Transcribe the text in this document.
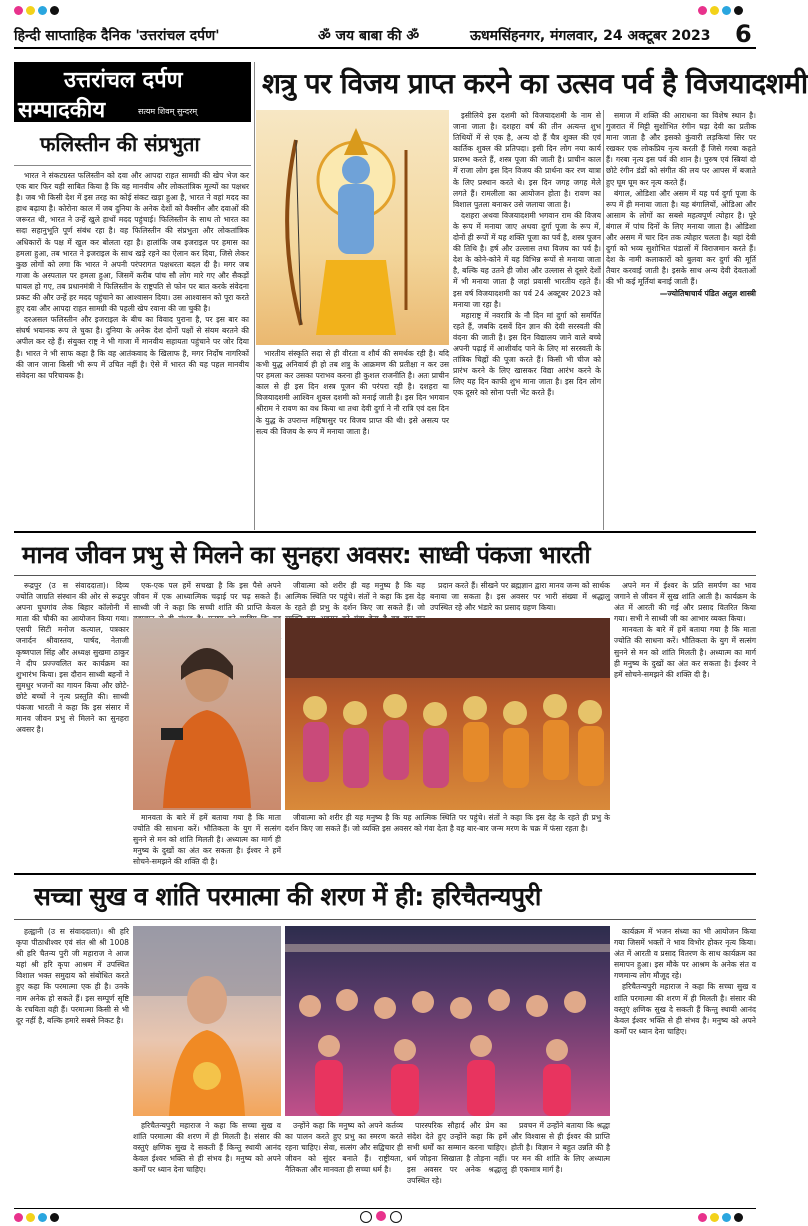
हिन्दी साप्ताहिक दैनिक 'उत्तरांचल दर्पण'	ॐ जय बाबा की ॐ	ऊधमसिंहनगर, मंगलवार, 24 अक्टूबर 2023 6
उत्तरांचल दर्पण
सम्पादकीय	सत्यम शिवम् सुन्दरम्
फलिस्तीन की संप्रभुता

भारत ने संकटग्रस्त फलिस्तीन को दवा और आपदा राहत सामग्री की खेप भेज कर एक बार फिर यही साबित किया है कि वह मानवीय और लोकतांत्रिक मूल्यों का पक्षधर है। जब भी किसी देश में इस तरह का कोई संकट खड़ा हुआ है, भारत ने वहां मदद का हाथ बढ़ाया है। कोरोना काल में जब दुनिया के अनेक देशों को वैक्सीन और दवाओं की जरूरत थी, भारत ने उन्हें खुले हाथों मदद पहुंचाई। फिलिस्तीन के साथ तो भारत का सदा सहानुभूति पूर्ण संबंध रहा है। वह फिलिस्तीन की संप्रभुता और लोकतांत्रिक अधिकारों के पक्ष में खुल कर बोलता रहा है। हालांकि जब इजराइल पर हमास का हमला हुआ, तब भारत ने इजराइल के साथ खड़े रहने का ऐलान कर दिया, जिसे लेकर कुछ लोगों को लगा कि भारत ने अपनी परंपरागत पक्षधरता बदल दी है। मगर जब गाजा के अस्पताल पर हमला हुआ, जिसमें करीब पांच सौ लोग मारे गए और सैकड़ों घायल हो गए, तब प्रधानमंत्री ने फिलिस्तीन के राष्ट्रपति से फोन पर बात करके संवेदना प्रकट की और उन्हें हर मदद पहुंचाने का आश्वासन दिया। उस आश्वासन को पूरा करते हुए दवा और आपदा राहत सामग्री की पहली खेप रवाना की जा चुकी है।

दरअसल फलिस्तीन और इजराइल के बीच का विवाद पुराना है, पर इस बार का संघर्ष भयानक रूप ले चुका है। दुनिया के अनेक देश दोनों पक्षों से संयम बरतने की अपील कर रहे हैं। संयुक्त राष्ट्र ने भी गाजा में मानवीय सहायता पहुंचाने पर जोर दिया है। भारत ने भी साफ कहा है कि वह आतंकवाद के खिलाफ है, मगर निर्दोष नागरिकों की जान जाना किसी भी रूप में उचित नहीं है। ऐसे में भारत की यह पहल मानवीय संवेदना का परिचायक है।

शत्रु पर विजय प्राप्त करने का उत्सव पर्व है विजयादशमी

भारतीय संस्कृति सदा से ही वीरता व शौर्य की समर्थक रही है। यदि कभी युद्ध अनिवार्य ही हो तब शत्रु के आक्रमण की प्रतीक्षा न कर उस पर हमला कर उसका पराभव करना ही कुशल राजनीति है। अतः प्राचीन काल से ही इस दिन शस्त्र पूजन की परंपरा रही है। दशहरा या विजयादशमी आश्विन शुक्ल दशमी को मनाई जाती है। इस दिन भगवान श्रीराम ने रावण का वध किया था तथा देवी दुर्गा ने नौ रात्रि एवं दस दिन के युद्ध के उपरान्त महिषासुर पर विजय प्राप्त की थी। इसे असत्य पर सत्य की विजय के रूप में मनाया जाता है।

इसीलिये इस दशमी को विजयादशमी के नाम से जाना जाता है। दशहरा वर्ष की तीन अत्यन्त शुभ तिथियों में से एक है, अन्य दो हैं चैत्र शुक्ल की एवं कार्तिक शुक्ल की प्रतिपदा। इसी दिन लोग नया कार्य प्रारम्भ करते हैं, शस्त्र पूजा की जाती है। प्राचीन काल में राजा लोग इस दिन विजय की प्रार्थना कर रण यात्रा के लिए प्रस्थान करते थे। इस दिन जगह जगह मेले लगते हैं। रामलीला का आयोजन होता है। रावण का विशाल पुतला बनाकर उसे जलाया जाता है।

दशहरा अथवा विजयादशमी भगवान राम की विजय के रूप में मनाया जाए अथवा दुर्गा पूजा के रूप में, दोनों ही रूपों में यह शक्ति पूजा का पर्व है, शस्त्र पूजन की तिथि है। हर्ष और उल्लास तथा विजय का पर्व है। देश के कोने-कोने में यह विभिन्न रूपों से मनाया जाता है, बल्कि यह उतने ही जोश और उल्लास से दूसरे देशों में भी मनाया जाता है जहां प्रवासी भारतीय रहते हैं। इस वर्ष विजयादशमी का पर्व 24 अक्टूबर 2023 को मनाया जा रहा है।

महाराष्ट्र में नवरात्रि के नौ दिन मां दुर्गा को समर्पित रहते हैं, जबकि दसवें दिन ज्ञान की देवी सरस्वती की वंदना की जाती है। इस दिन विद्यालय जाने वाले बच्चे अपनी पढ़ाई में आशीर्वाद पाने के लिए मां सरस्वती के तांत्रिक चिह्नों की पूजा करते हैं। किसी भी चीज को प्रारंभ करने के लिए खासकर विद्या आरंभ करने के लिए यह दिन काफी शुभ माना जाता है। इस दिन लोग एक दूसरे को सोना पत्ती भेंट करते हैं।

समाज में शक्ति की आराधना का विशेष स्थान है। गुजरात में मिट्टी सुशोभित रंगीन घड़ा देवी का प्रतीक माना जाता है और इसको कुंवारी लड़कियां सिर पर रखकर एक लोकप्रिय नृत्य करती हैं जिसे गरबा कहते हैं। गरबा नृत्य इस पर्व की शान है। पुरुष एवं स्त्रियां दो छोटे रंगीन डंडों को संगीत की लय पर आपस में बजाते हुए घूम घूम कर नृत्य करते हैं।

बंगाल, ओडिशा और असम में यह पर्व दुर्गा पूजा के रूप में ही मनाया जाता है। यह बंगालियों, ओडिआ और आसाम के लोगों का सबसे महत्वपूर्ण त्योहार है। पूरे बंगाल में पांच दिनों के लिए मनाया जाता है। ओडिशा और असम में चार दिन तक त्योहार चलता है। यहां देवी दुर्गा को भव्य सुशोभित पंडालों में विराजमान करते हैं। देश के नामी कलाकारों को बुलवा कर दुर्गा की मूर्ति तैयार करवाई जाती है। इसके साथ अन्य देवी देवताओं की भी कई मूर्तियां बनाई जाती हैं।

—ज्योतिषाचार्य पंडित अतुल शास्त्री

मानव जीवन प्रभु से मिलने का सुनहरा अवसर: साध्वी पंकजा भारती

रूद्रपुर (उ स संवाददाता)। दिव्य ज्योति जाग्रति संस्थान की ओर से रूद्रपुर अपना घुघगांव लेक बिहार कॉलोनी में माता की चौकी का आयोजन किया गया। एसपी सिटी मनोज कत्याल, पत्रकार जनार्दन श्रीवास्तव, पार्षद, नेताजी कृष्णपाल सिंह और अध्यक्ष सुखमा ठाकुर ने दीप प्रज्ज्वलित कर कार्यक्रम का शुभारंभ किया। इस दौरान साध्वी बहनों ने सुमधुर भजनों का गायन किया और छोटे-छोटे बच्चों ने नृत्य प्रस्तुति की। साध्वी पंकजा भारती ने कहा कि इस संसार में मानव जीवन प्रभु से मिलने का सुनहरा अवसर है।

एक-एक पल हमें सचखा है कि इस पैसे अपने जीवन में एक आध्यात्मिक चढ़ाई पर चढ़ सकते हैं। साध्वी जी ने कहा कि सच्ची शांति की प्राप्ति केवल

मानवता के बारे में हमें बताया गया है कि माता ज्योति की साधना करें। भौतिकता के युग में सत्संग सुनने से मन को शांति मिलती है। अध्यात्म का मार्ग ही मनुष्य के दुखों का अंत कर सकता है। ईश्वर ने हमें सोचने-समझने की शक्ति दी है।

जीवात्मा को शरीर ही यह मनुष्य है कि यह आत्मिक स्थिति पर पहुंचे। संतों ने कहा कि इस देह के रहते ही प्रभु के दर्शन किए जा सकते हैं। जो

प्रदान करते हैं। सीखने पर ब्रह्मज्ञान द्वारा मानव जन्म को सार्थक बनाया जा सकता है। इस अवसर पर भारी संख्या में श्रद्धालु उपस्थित रहे और भंडारे का प्रसाद ग्रहण किया।

जीवात्मा को शरीर ही यह मनुष्य है कि यह आत्मिक स्थिति पर पहुंचे। संतों ने कहा कि इस देह के रहते ही प्रभु के दर्शन किए जा सकते हैं। जो व्यक्ति इस अवसर को गंवा देता है वह बार-बार जन्म मरण के चक्र में फंसा रहता है।

अपने मन में ईश्वर के प्रति समर्पण का भाव जगाने से जीवन में सुख शांति आती है। कार्यक्रम के अंत में आरती की गई और प्रसाद वितरित किया गया। सभी ने साध्वी जी का आभार व्यक्त किया।

मानवता के बारे में हमें बताया गया है कि माता ज्योति की साधना करें। भौतिकता के युग में सत्संग सुनने से मन को शांति मिलती है। अध्यात्म का मार्ग ही मनुष्य के दुखों का अंत कर सकता है। ईश्वर ने हमें सोचने-समझने की शक्ति दी है।

सच्चा सुख व शांति परमात्मा की शरण में ही: हरिचैतन्यपुरी

हल्द्वानी (उ स संवाददाता)। श्री हरि कृपा पीठाधीश्वर एवं संत श्री श्री 1008 श्री हरि चैतन्य पुरी जी महाराज ने आज यहां श्री हरि कृपा आश्रम में उपस्थित विशाल भक्त समुदाय को संबोधित करते हुए कहा कि परमात्मा एक ही है। उनके नाम अनेक हो सकते हैं। इस सम्पूर्ण सृष्टि के रचयिता वही हैं। परमात्मा किसी से भी दूर नहीं है, बल्कि हमारे सबसे निकट है।

हरिचैतन्यपुरी महाराज ने कहा कि सच्चा सुख व शांति परमात्मा की शरण में ही मिलती है। संसार की वस्तुएं क्षणिक सुख दे सकती हैं किन्तु स्थायी आनंद केवल ईश्वर भक्ति से ही संभव है। मनुष्य को अपने कर्मों पर ध्यान देना चाहिए।

उन्होंने कहा कि मनुष्य को अपने कर्तव्य का पालन करते हुए प्रभु का स्मरण करते रहना चाहिए। सेवा, सत्संग और सद्विचार ही जीवन को सुंदर बनाते हैं। राष्ट्रीयता, नैतिकता और मानवता ही सच्चा धर्म है।

पारस्परिक सौहार्द और प्रेम का संदेश देते हुए उन्होंने कहा कि हमें सभी धर्मों का सम्मान करना चाहिए। धर्म जोड़ना सिखाता है तोड़ना नहीं। इस अवसर पर अनेक श्रद्धालु उपस्थित रहे।

प्रवचन में उन्होंने बताया कि श्रद्धा और विश्वास से ही ईश्वर की प्राप्ति होती है। विज्ञान ने बहुत उन्नति की है पर मन की शांति के लिए अध्यात्म ही एकमात्र मार्ग है।

कार्यक्रम में भजन संध्या का भी आयोजन किया गया जिसमें भक्तों ने भाव विभोर होकर नृत्य किया। अंत में आरती व प्रसाद वितरण के साथ कार्यक्रम का समापन हुआ। इस मौके पर आश्रम के अनेक संत व गणमान्य लोग मौजूद रहे।

हरिचैतन्यपुरी महाराज ने कहा कि सच्चा सुख व शांति परमात्मा की शरण में ही मिलती है। संसार की वस्तुएं क्षणिक सुख दे सकती हैं किन्तु स्थायी आनंद केवल ईश्वर भक्ति से ही संभव है। मनुष्य को अपने कर्मों पर ध्यान देना चाहिए।
